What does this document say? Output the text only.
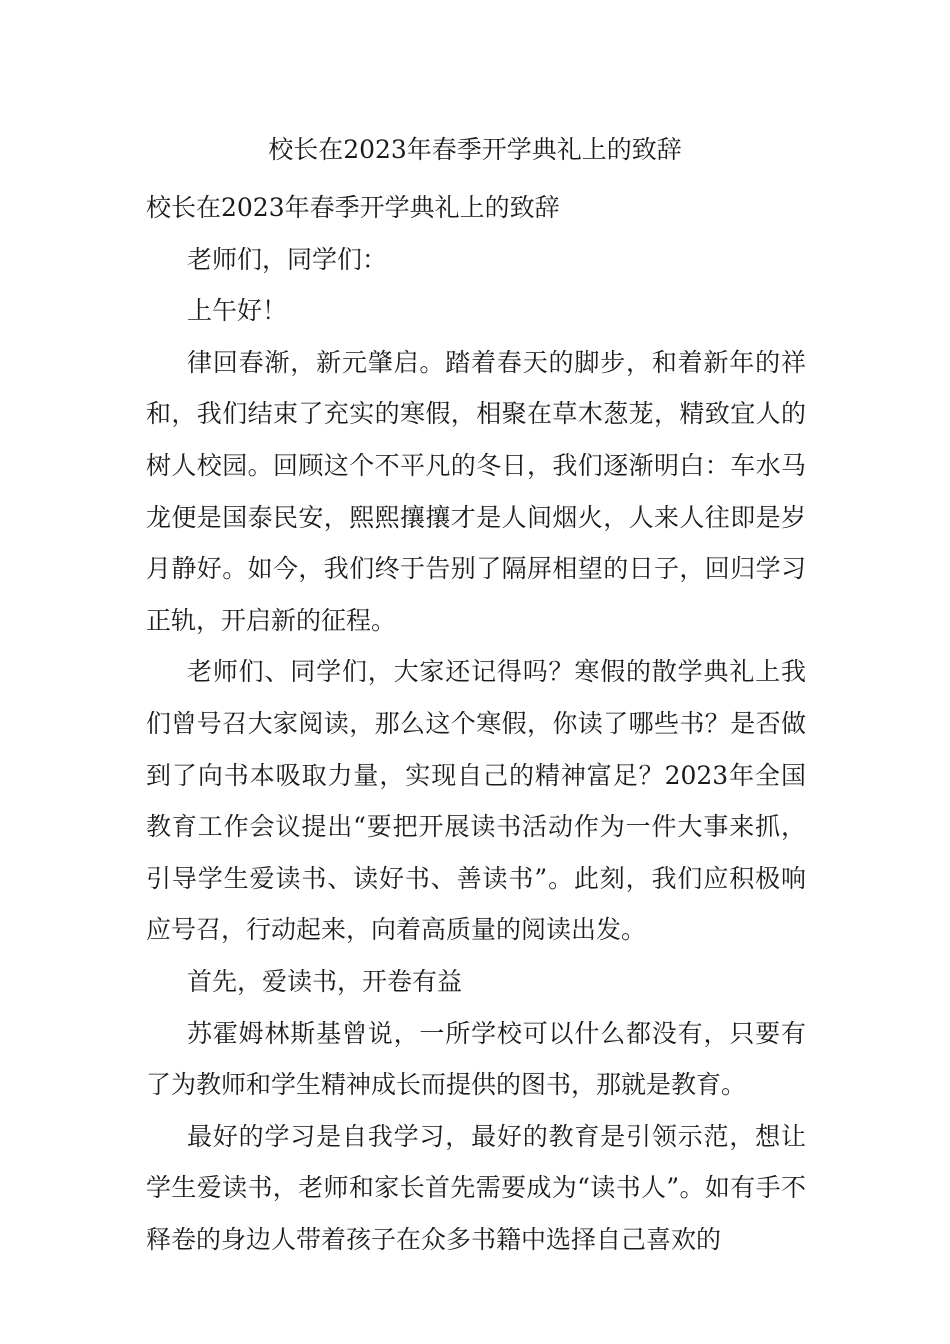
校长在2023年春季开学典礼上的致辞

校长在2023年春季开学典礼上的致辞

老师们，同学们：

上午好！

律回春渐，新元肇启。踏着春天的脚步，和着新年的祥和，我们结束了充实的寒假，相聚在草木葱茏，精致宜人的树人校园。回顾这个不平凡的冬日，我们逐渐明白：车水马龙便是国泰民安，熙熙攘攘才是人间烟火，人来人往即是岁月静好。如今，我们终于告别了隔屏相望的日子，回归学习正轨，开启新的征程。

老师们、同学们，大家还记得吗？寒假的散学典礼上我们曾号召大家阅读，那么这个寒假，你读了哪些书？是否做到了向书本吸取力量，实现自己的精神富足？2023年全国教育工作会议提出“要把开展读书活动作为一件大事来抓，引导学生爱读书、读好书、善读书”。此刻，我们应积极响应号召，行动起来，向着高质量的阅读出发。

首先，爱读书，开卷有益

苏霍姆林斯基曾说，一所学校可以什么都没有，只要有了为教师和学生精神成长而提供的图书，那就是教育。

最好的学习是自我学习，最好的教育是引领示范，想让学生爱读书，老师和家长首先需要成为“读书人”。如有手不释卷的身边人带着孩子在众多书籍中选择自己喜欢的
